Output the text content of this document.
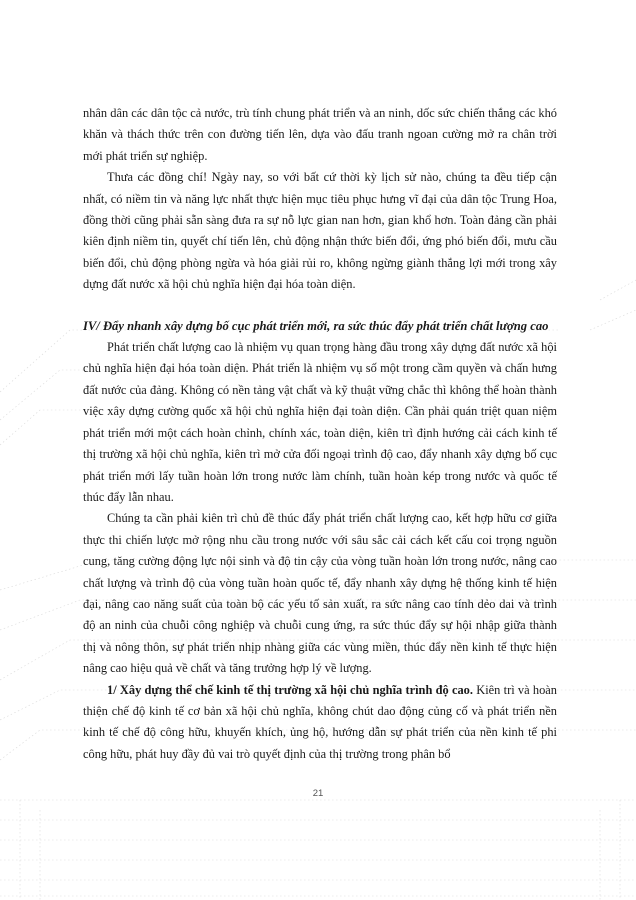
nhân dân các dân tộc cả nước, trù tính chung phát triển và an ninh, dốc sức chiến thắng các khó khăn và thách thức trên con đường tiến lên, dựa vào đấu tranh ngoan cường mở ra chân trời mới phát triển sự nghiệp.

Thưa các đồng chí! Ngày nay, so với bất cứ thời kỳ lịch sử nào, chúng ta đều tiếp cận nhất, có niềm tin và năng lực nhất thực hiện mục tiêu phục hưng vĩ đại của dân tộc Trung Hoa, đồng thời cũng phải sẵn sàng đưa ra sự nỗ lực gian nan hơn, gian khổ hơn. Toàn đảng cần phải kiên định niềm tin, quyết chí tiến lên, chủ động nhận thức biến đổi, ứng phó biến đổi, mưu cầu biến đổi, chủ động phòng ngừa và hóa giải rủi ro, không ngừng giành thắng lợi mới trong xây dựng đất nước xã hội chủ nghĩa hiện đại hóa toàn diện.

IV/ Đẩy nhanh xây dựng bố cục phát triển mới, ra sức thúc đẩy phát triển chất lượng cao

Phát triển chất lượng cao là nhiệm vụ quan trọng hàng đầu trong xây dựng đất nước xã hội chủ nghĩa hiện đại hóa toàn diện. Phát triển là nhiệm vụ số một trong cầm quyền và chấn hưng đất nước của đảng. Không có nền tảng vật chất và kỹ thuật vững chắc thì không thể hoàn thành việc xây dựng cường quốc xã hội chủ nghĩa hiện đại toàn diện. Cần phải quán triệt quan niệm phát triển mới một cách hoàn chỉnh, chính xác, toàn diện, kiên trì định hướng cải cách kinh tế thị trường xã hội chủ nghĩa, kiên trì mở cửa đối ngoại trình độ cao, đẩy nhanh xây dựng bố cục phát triển mới lấy tuần hoàn lớn trong nước làm chính, tuần hoàn kép trong nước và quốc tế thúc đẩy lẫn nhau.

Chúng ta cần phải kiên trì chủ đề thúc đẩy phát triển chất lượng cao, kết hợp hữu cơ giữa thực thi chiến lược mở rộng nhu cầu trong nước với sâu sắc cải cách kết cấu coi trọng nguồn cung, tăng cường động lực nội sinh và độ tin cậy của vòng tuần hoàn lớn trong nước, nâng cao chất lượng và trình độ của vòng tuần hoàn quốc tế, đẩy nhanh xây dựng hệ thống kinh tế hiện đại, nâng cao năng suất của toàn bộ các yếu tố sản xuất, ra sức nâng cao tính dẻo dai và trình độ an ninh của chuỗi công nghiệp và chuỗi cung ứng, ra sức thúc đẩy sự hội nhập giữa thành thị và nông thôn, sự phát triển nhịp nhàng giữa các vùng miền, thúc đẩy nền kinh tế thực hiện nâng cao hiệu quả về chất và tăng trưởng hợp lý về lượng.

1/ Xây dựng thể chế kinh tế thị trường xã hội chủ nghĩa trình độ cao. Kiên trì và hoàn thiện chế độ kinh tế cơ bản xã hội chủ nghĩa, không chút dao động củng cố và phát triển nền kinh tế chế độ công hữu, khuyến khích, ủng hộ, hướng dẫn sự phát triển của nền kinh tế phi công hữu, phát huy đầy đủ vai trò quyết định của thị trường trong phân bổ

21
